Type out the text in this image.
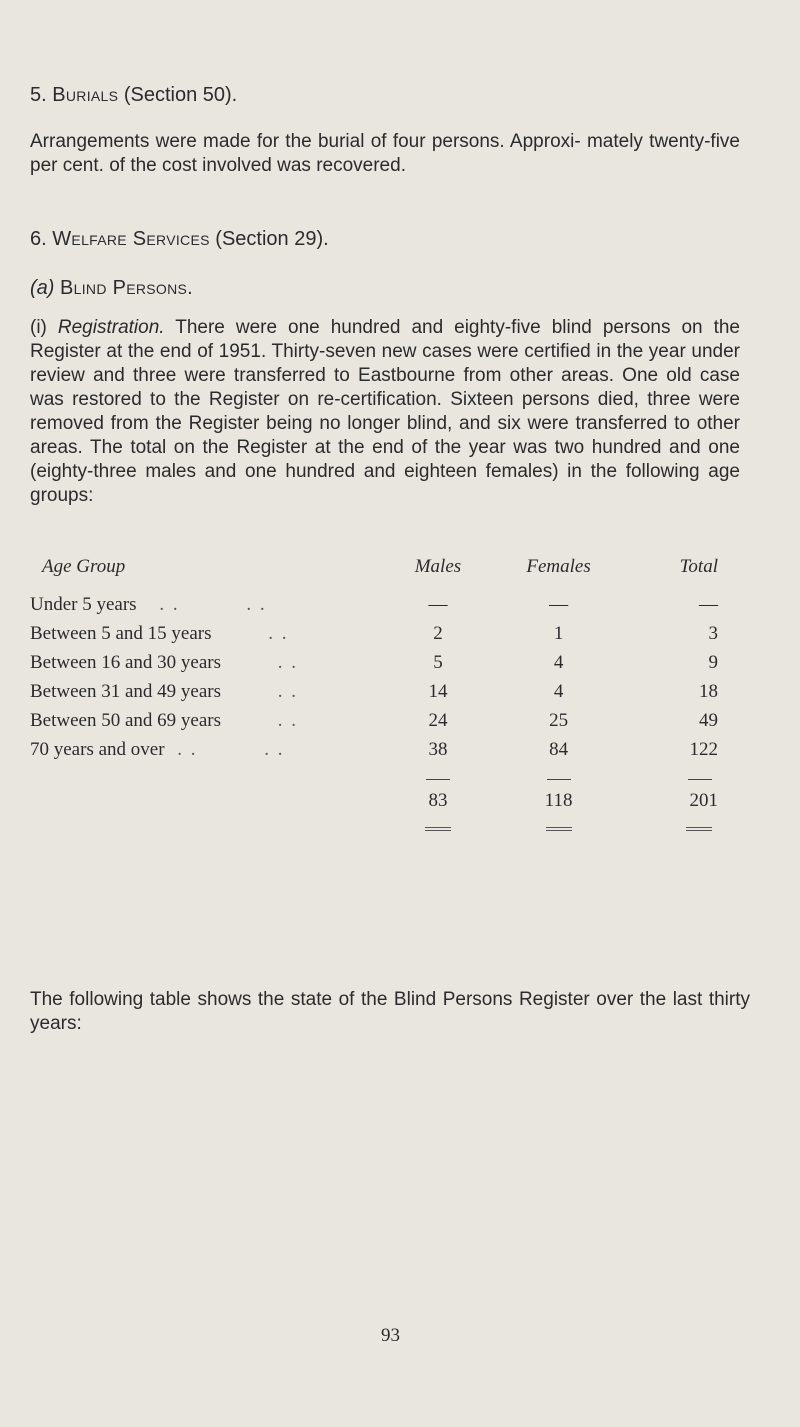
5. Burials (Section 50).

Arrangements were made for the burial of four persons. Approxi- mately twenty-five per cent. of the cost involved was recovered.

6. Welfare Services (Section 29).
(a) Blind Persons.

(i) Registration. There were one hundred and eighty-five blind persons on the Register at the end of 1951. Thirty-seven new cases were certified in the year under review and three were transferred to Eastbourne from other areas. One old case was restored to the Register on re-certification. Sixteen persons died, three were removed from the Register being no longer blind, and six were transferred to other areas. The total on the Register at the end of the year was two hundred and one (eighty-three males and one hundred and eighteen females) in the following age groups:

Age Group	Males	Females	Total
Under 5 years . . . .	—	—	—
Between 5 and 15 years . .	2	1	3
Between 16 and 30 years . .	5	4	9
Between 31 and 49 years . .	14	4	18
Between 50 and 69 years . .	24	25	49
70 years and over . . . .	38	84	122

	83	118	201

The following table shows the state of the Blind Persons Register over the last thirty years:

93
